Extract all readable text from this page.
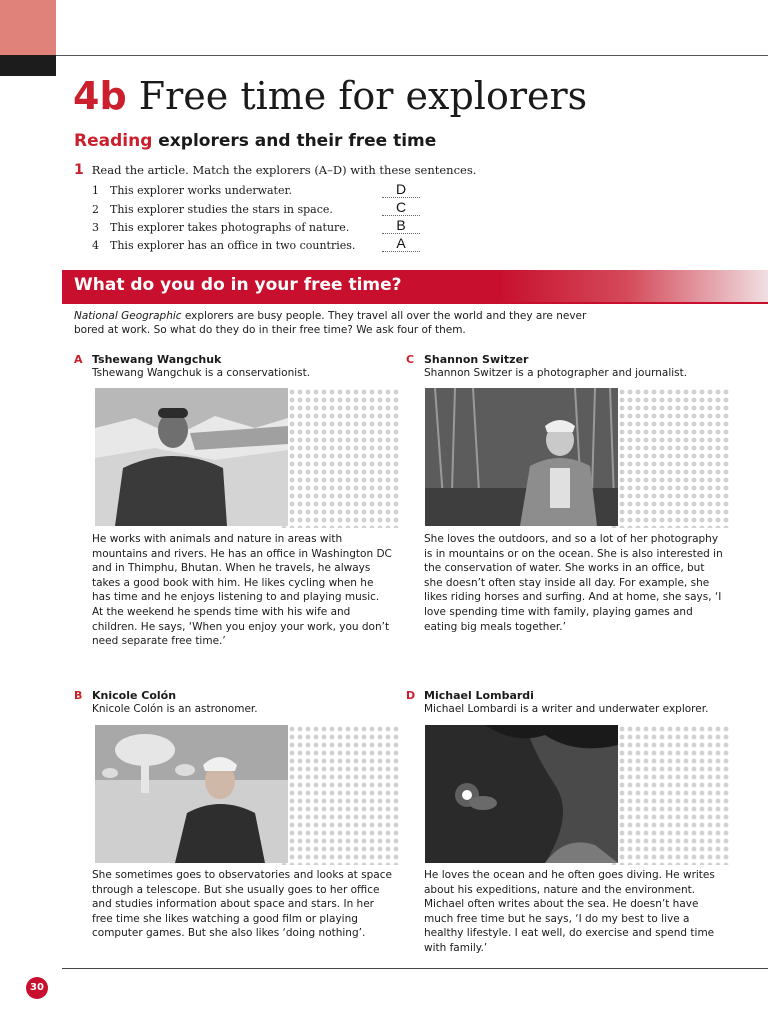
4b Free time for explorers
Reading explorers and their free time
1 Read the article. Match the explorers (A–D) with these sentences.
1 This explorer works underwater.	D
2 This explorer studies the stars in space.	C
3 This explorer takes photographs of nature.	B
4 This explorer has an office in two countries.	A
What do you do in your free time?

National Geographic explorers are busy people. They travel all over the world and they are never bored at work. So what do they do in their free time? We ask four of them.

A Tshewang Wangchuk
Tshewang Wangchuk is a conservationist.

He works with animals and nature in areas with mountains and rivers. He has an office in Washington DC and in Thimphu, Bhutan. When he travels, he always takes a good book with him. He likes cycling when he has time and he enjoys listening to and playing music. At the weekend he spends time with his wife and children. He says, ‘When you enjoy your work, you don’t need separate free time.’

C Shannon Switzer
Shannon Switzer is a photographer and journalist.

She loves the outdoors, and so a lot of her photography is in mountains or on the ocean. She is also interested in the conservation of water. She works in an office, but she doesn’t often stay inside all day. For example, she likes riding horses and surfing. And at home, she says, ‘I love spending time with family, playing games and eating big meals together.’

B Knicole Colón
Knicole Colón is an astronomer.

She sometimes goes to observatories and looks at space through a telescope. But she usually goes to her office and studies information about space and stars. In her free time she likes watching a good film or playing computer games. But she also likes ‘doing nothing’.

D Michael Lombardi
Michael Lombardi is a writer and underwater explorer.

He loves the ocean and he often goes diving. He writes about his expeditions, nature and the environment. Michael often writes about the sea. He doesn’t have much free time but he says, ‘I do my best to live a healthy lifestyle. I eat well, do exercise and spend time with family.’

30
